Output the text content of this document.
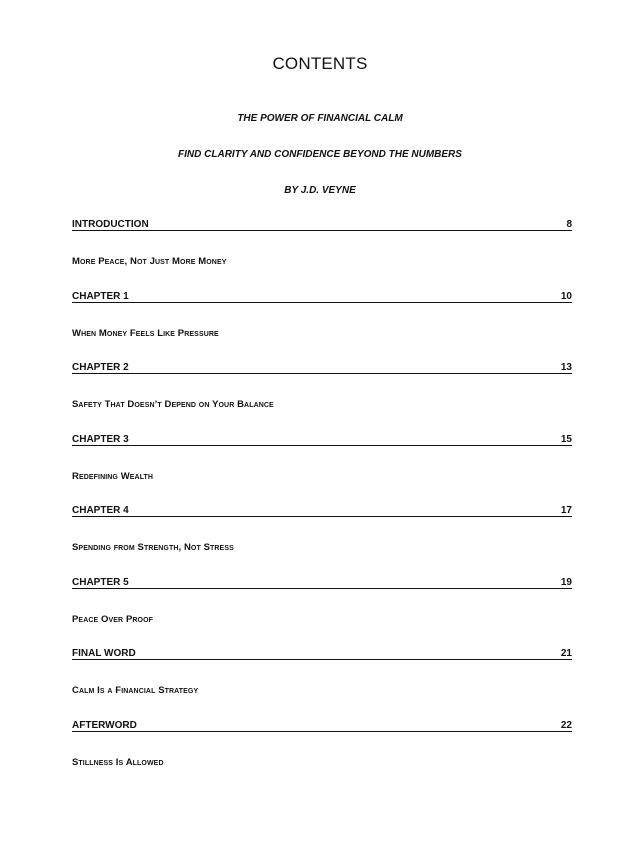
CONTENTS
THE POWER OF FINANCIAL CALM
FIND CLARITY AND CONFIDENCE BEYOND THE NUMBERS
BY J.D. VEYNE
INTRODUCTION	8
More Peace, Not Just More Money
CHAPTER 1	10
When Money Feels Like Pressure
CHAPTER 2	13
Safety That Doesn’t Depend on Your Balance
CHAPTER 3	15
Redefining Wealth
CHAPTER 4	17
Spending from Strength, Not Stress
CHAPTER 5	19
Peace Over Proof
FINAL WORD	21
Calm Is a Financial Strategy
AFTERWORD	22
Stillness Is Allowed
